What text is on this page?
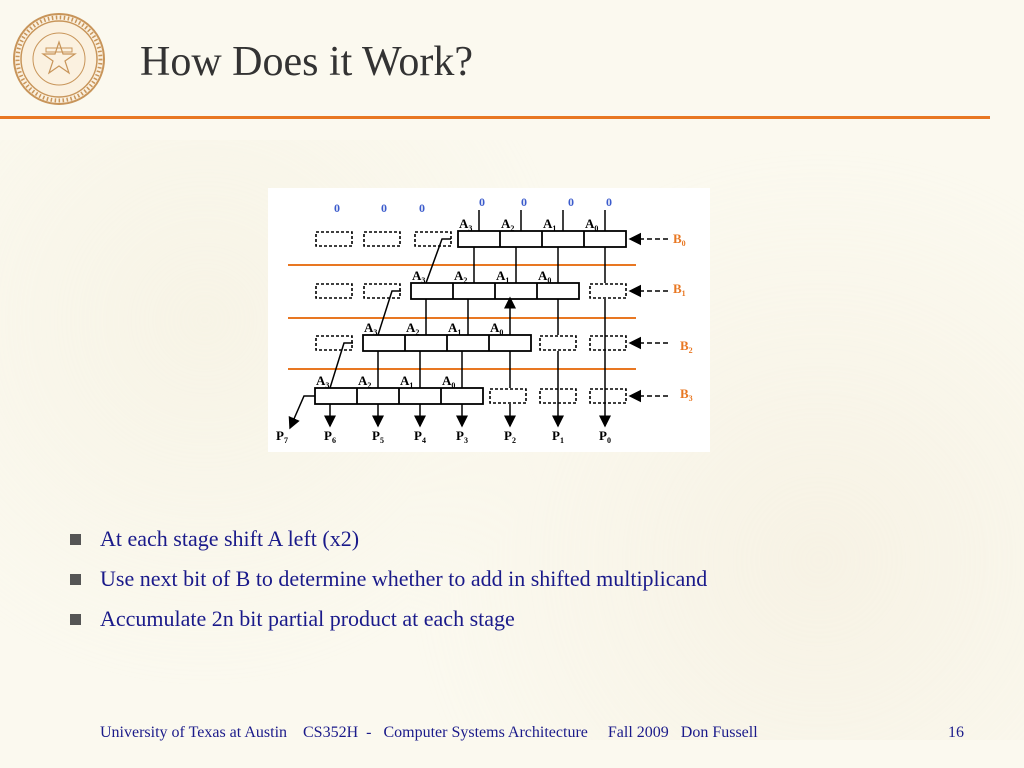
How Does it Work?
0	0	0	0	0	0	0
$A_3$ $A_2$ $A_1$ $A_0$
$A_3$ $A_2$ $A_1$ $A_0$
$A_3$ $A_2$ $A_1$ $A_0$
$A_3$ $A_2$ $A_1$ $A_0$
$B_0$
$B_1$
$B_2$
$B_3$
$P_7$	$P_6$	$P_5$ $P_4$ $P_3$	$P_2$	$P_1$	$P_0$
At each stage shift A left (x2)
Use next bit of B to determine whether to add in shifted multiplicand
Accumulate 2n bit partial product at each stage
University of Texas at Austin    CS352H  -   Computer Systems Architecture     Fall 2009   Don Fussell	16
